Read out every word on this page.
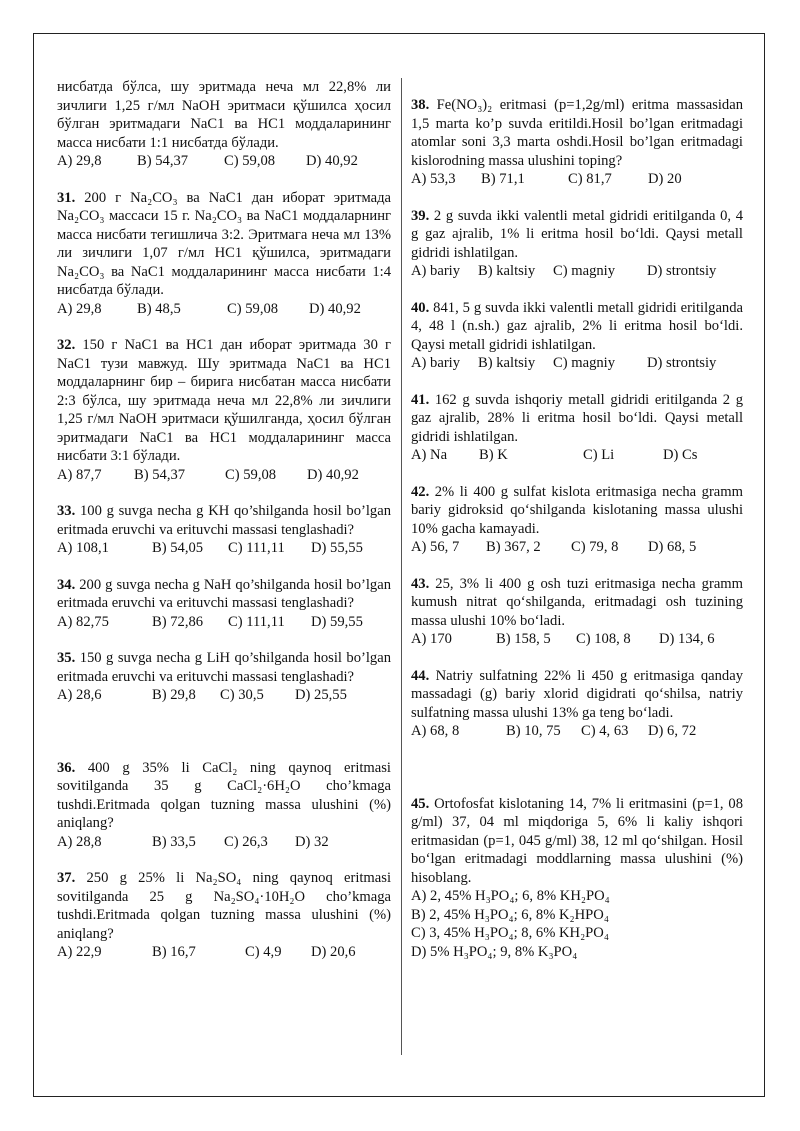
нисбатда бўлса, шу эритмада неча мл 22,8% ли зичлиги 1,25 г/мл NaOH эритмаси қўшилса ҳосил бўлган эритмадаги NaC1 ва HC1 моддаларининг масса нисбати 1:1 нисбатда бўлади.

A) 29,8	B) 54,37	C) 59,08	D) 40,92

31. 200 г Na₂CO₃ ва NaC1 дан иборат эритмада Na₂CO₃ массаси 15 г. Na₂CO₃ ва NaC1 моддаларнинг масса нисбати тегишлича 3:2. Эритмага неча мл 13% ли зичлиги 1,07 г/мл HC1 қўшилса, эритмадаги Na₂CO₃ ва NaC1 моддаларининг масса нисбати 1:4 нисбатда бўлади.

A) 29,8	B) 48,5	C) 59,08	D) 40,92

32. 150 г NaC1 ва HC1 дан иборат эритмада 30 г NaC1 тузи мавжуд. Шу эритмада NaC1 ва HC1 моддаларнинг бир – бирига нисбатан масса нисбати 2:3 бўлса, шу эритмада неча мл 22,8% ли зичлиги 1,25 г/мл NaOH эритмаси қўшилганда, ҳосил бўлган эритмадаги NaC1 ва HC1 моддаларининг масса нисбати 3:1 бўлади.

A) 87,7	B) 54,37	C) 59,08	D) 40,92

33. 100 g suvga necha g KH qo’shilganda hosil bo’lgan eritmada eruvchi va erituvchi massasi tenglashadi?

A) 108,1	B) 54,05	C) 111,11	D) 55,55

34. 200 g suvga necha g NaH qo’shilganda hosil bo’lgan eritmada eruvchi va erituvchi massasi tenglashadi?

A) 82,75	B) 72,86	C) 111,11	D) 59,55

35. 150 g suvga necha g LiH qo’shilganda hosil bo’lgan eritmada eruvchi va erituvchi massasi tenglashadi?

A) 28,6	B) 29,8	C) 30,5	D) 25,55

36. 400 g 35% li CaCl₂ ning qaynoq eritmasi sovitilganda 35 g CaCl₂·6H₂O cho’kmaga tushdi.Eritmada qolgan tuzning massa ulushini (%) aniqlang?

A) 28,8	B) 33,5	C) 26,3	D) 32

37. 250 g 25% li Na₂SO₄ ning qaynoq eritmasi sovitilganda 25 g Na₂SO₄·10H₂O cho’kmaga tushdi.Eritmada qolgan tuzning massa ulushini (%) aniqlang?

A) 22,9	B) 16,7	C) 4,9	D) 20,6

38. Fe(NO₃)₂ eritmasi (p=1,2g/ml) eritma massasidan 1,5 marta ko’p suvda eritildi.Hosil bo’lgan eritmadagi atomlar soni 3,3 marta oshdi.Hosil bo’lgan eritmadagi kislorodning massa ulushini toping?

A) 53,3	B) 71,1	C) 81,7	D) 20

39. 2 g suvda ikki valentli metal gidridi eritilganda 0, 4 g gaz ajralib, 1% li eritma hosil bo‘ldi. Qaysi metall gidridi ishlatilgan.

A) bariy	B) kaltsiy	C) magniy	D) strontsiy

40. 841, 5 g suvda ikki valentli metall gidridi eritilganda 4, 48 l (n.sh.) gaz ajralib, 2% li eritma hosil bo‘ldi. Qaysi metall gidridi ishlatilgan.

A) bariy	B) kaltsiy	C) magniy	D) strontsiy

41. 162 g suvda ishqoriy metall gidridi eritilganda 2 g gaz ajralib, 28% li eritma hosil bo‘ldi. Qaysi metall gidridi ishlatilgan.

A) Na	B) K	C) Li	D) Cs

42. 2% li 400 g sulfat kislota eritmasiga necha gramm bariy gidroksid qo‘shilganda kislotaning massa ulushi 10% gacha kamayadi.

A) 56, 7	B) 367, 2	C) 79, 8	D) 68, 5

43. 25, 3% li 400 g osh tuzi eritmasiga necha gramm kumush nitrat qo‘shilganda, eritmadagi osh tuzining massa ulushi 10% bo‘ladi.

A) 170	B) 158, 5	C) 108, 8	D) 134, 6

44. Natriy sulfatning 22% li 450 g eritmasiga qanday massadagi (g) bariy xlorid digidrati qo‘shilsa, natriy sulfatning massa ulushi 13% ga teng bo‘ladi.

A) 68, 8	B) 10, 75	C) 4, 63	D) 6, 72

45. Ortofosfat kislotaning 14, 7% li eritmasini (p=1, 08 g/ml) 37, 04 ml miqdoriga 5, 6% li kaliy ishqori eritmasidan (p=1, 045 g/ml) 38, 12 ml qo‘shilgan. Hosil bo‘lgan eritmadagi moddlarning massa ulushini (%) hisoblang.

A) 2, 45% H₃PO₄; 6, 8% KH₂PO₄
B) 2, 45% H₃PO₄; 6, 8% K₂HPO₄
C) 3, 45% H₃PO₄; 8, 6% KH₂PO₄
D) 5% H₃PO₄; 9, 8% K₃PO₄
